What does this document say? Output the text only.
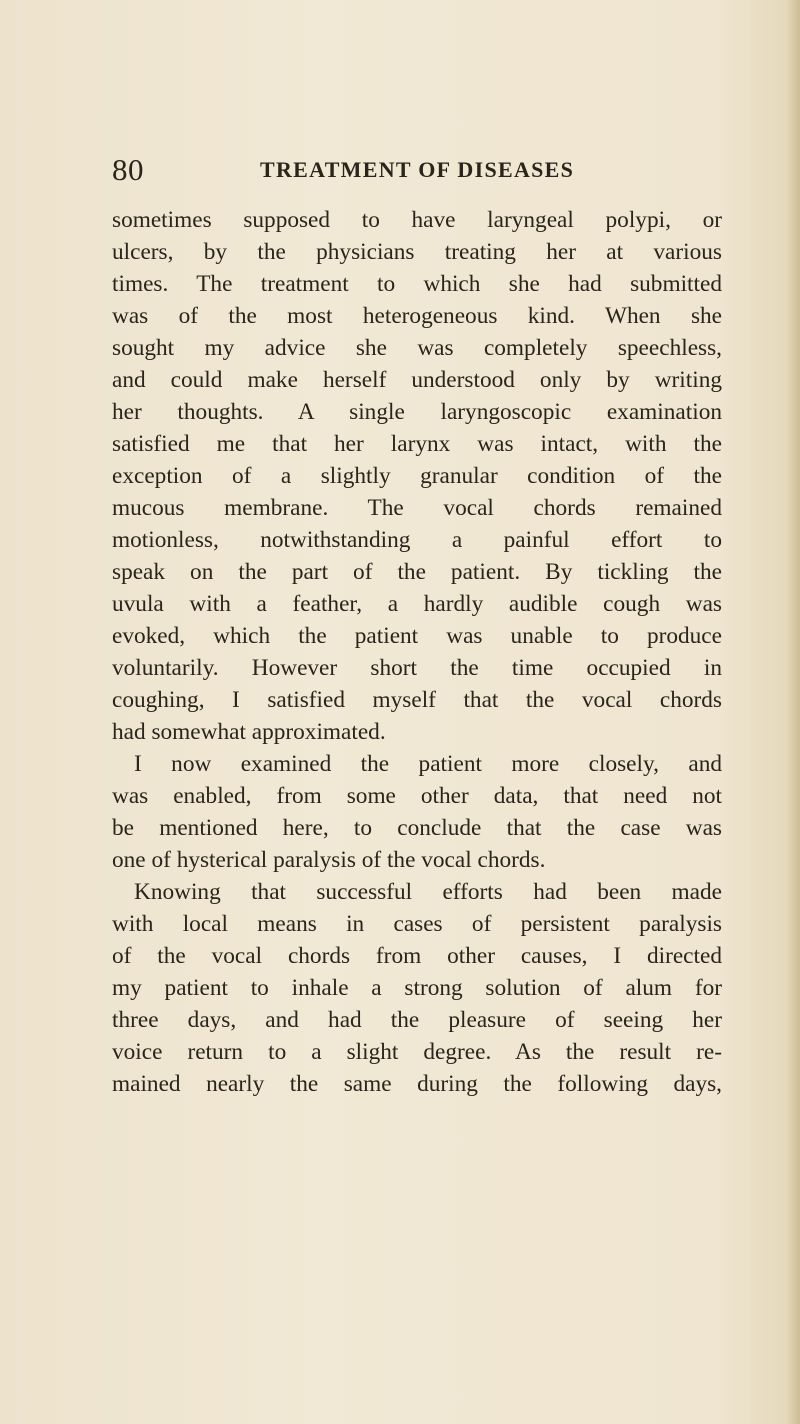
80	TREATMENT OF DISEASES
sometimes supposed to have laryngeal polypi, or
ulcers, by the physicians treating her at various
times. The treatment to which she had submitted
was of the most heterogeneous kind. When she
sought my advice she was completely speechless,
and could make herself understood only by writing
her thoughts. A single laryngoscopic examination
satisfied me that her larynx was intact, with the
exception of a slightly granular condition of the
mucous membrane. The vocal chords remained
motionless, notwithstanding a painful effort to
speak on the part of the patient. By tickling the
uvula with a feather, a hardly audible cough was
evoked, which the patient was unable to produce
voluntarily. However short the time occupied in
coughing, I satisfied myself that the vocal chords
had somewhat approximated.
I now examined the patient more closely, and
was enabled, from some other data, that need not
be mentioned here, to conclude that the case was
one of hysterical paralysis of the vocal chords.
Knowing that successful efforts had been made
with local means in cases of persistent paralysis
of the vocal chords from other causes, I directed
my patient to inhale a strong solution of alum for
three days, and had the pleasure of seeing her
voice return to a slight degree. As the result re-
mained nearly the same during the following days,
